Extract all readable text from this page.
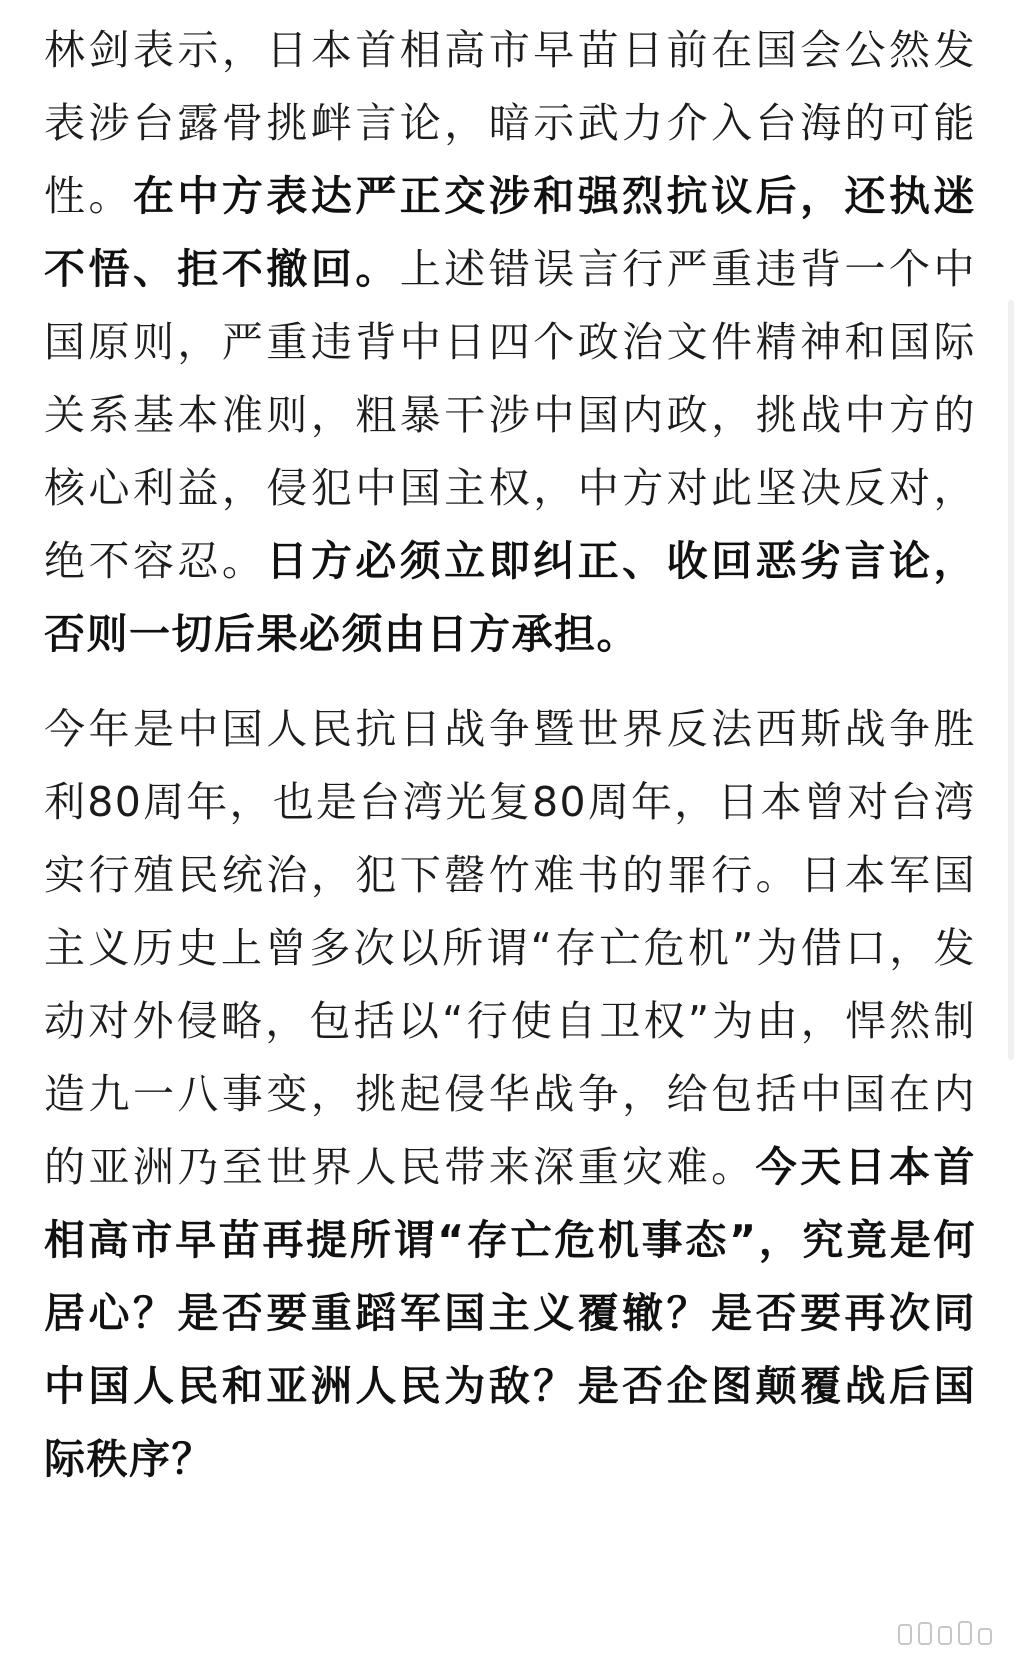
林剑表示，日本首相高市早苗日前在国会公然发表涉台露骨挑衅言论，暗示武力介入台海的可能性。在中方表达严正交涉和强烈抗议后，还执迷不悟、拒不撤回。上述错误言行严重违背一个中国原则，严重违背中日四个政治文件精神和国际关系基本准则，粗暴干涉中国内政，挑战中方的核心利益，侵犯中国主权，中方对此坚决反对，绝不容忍。日方必须立即纠正、收回恶劣言论，否则一切后果必须由日方承担。

今年是中国人民抗日战争暨世界反法西斯战争胜利80周年，也是台湾光复80周年，日本曾对台湾实行殖民统治，犯下罄竹难书的罪行。日本军国主义历史上曾多次以所谓“存亡危机”为借口，发动对外侵略，包括以“行使自卫权”为由，悍然制造九一八事变，挑起侵华战争，给包括中国在内的亚洲乃至世界人民带来深重灾难。今天日本首相高市早苗再提所谓“存亡危机事态”，究竟是何居心？是否要重蹈军国主义覆辙？是否要再次同中国人民和亚洲人民为敌？是否企图颠覆战后国际秩序？
